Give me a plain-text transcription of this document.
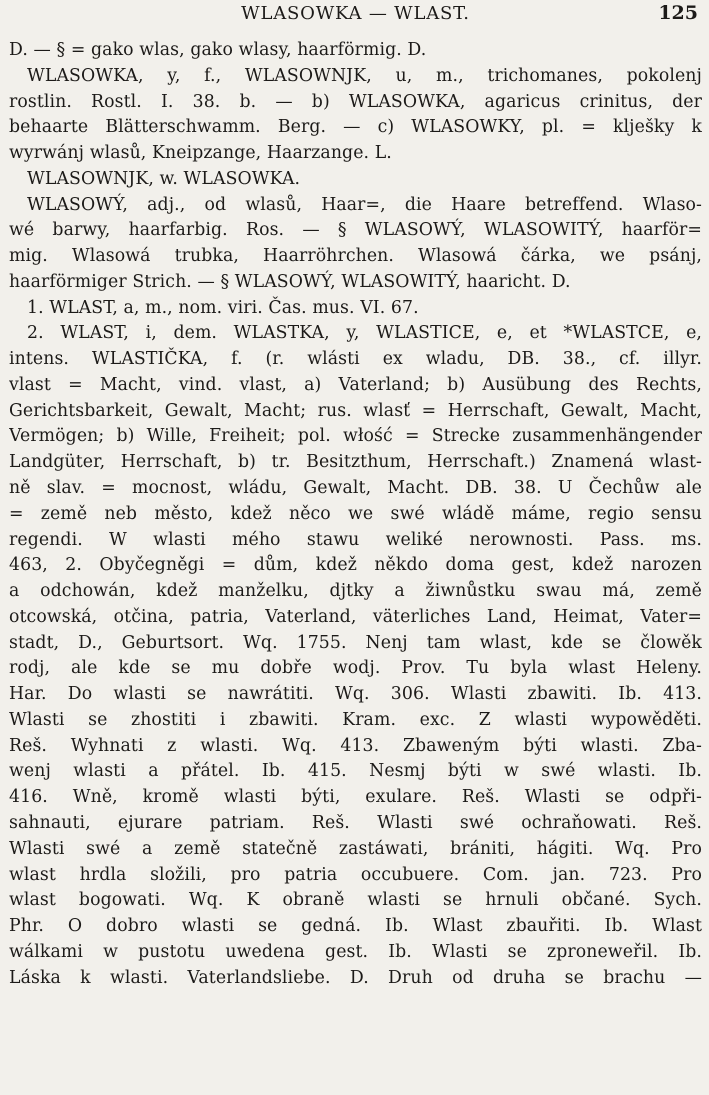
WLASOWKA — WLAST.	125
D. — § = gako wlas, gako wlasy, haarförmig. D.
WLASOWKA, y, f., WLASOWNJK, u, m., trichomanes, pokolenj
rostlin. Rostl. I. 38. b. — b) WLASOWKA, agaricus crinitus, der
behaarte Blätterschwamm. Berg. — c) WLASOWKY, pl. = klješky k
wyrwánj wlasů, Kneipzange, Haarzange. L.
WLASOWNJK, w. WLASOWKA.
WLASOWÝ, adj., od wlasů, Haar=, die Haare betreffend. Wlaso-
wé barwy, haarfarbig. Ros. — § WLASOWÝ, WLASOWITÝ, haarför=
mig. Wlasowá trubka, Haarröhrchen. Wlasowá čárka, we psánj,
haarförmiger Strich. — § WLASOWÝ, WLASOWITÝ, haaricht. D.
1. WLAST, a, m., nom. viri. Čas. mus. VI. 67.
2. WLAST, i, dem. WLASTKA, y, WLASTICE, e, et *WLASTCE, e,
intens. WLASTIČKA, f. (r. wlásti ex wladu, DB. 38., cf. illyr.
vlast = Macht, vind. vlast, a) Vaterland; b) Ausübung des Rechts,
Gerichtsbarkeit, Gewalt, Macht; rus. wlasť = Herrschaft, Gewalt, Macht,
Vermögen; b) Wille, Freiheit; pol. włość = Strecke zusammenhängender
Landgüter, Herrschaft, b) tr. Besitzthum, Herrschaft.) Znamená wlast-
ně slav. = mocnost, wládu, Gewalt, Macht. DB. 38. U Čechůw ale
= země neb město, kdež něco we swé wládě máme, regio sensu
regendi. W wlasti mého stawu weliké nerownosti. Pass. ms.
463, 2. Obyčegněgi = dům, kdež někdo doma gest, kdež narozen
a odchowán, kdež manželku, djtky a žiwnůstku swau má, země
otcowská, otčina, patria, Vaterland, väterliches Land, Heimat, Vater=
stadt, D., Geburtsort. Wq. 1755. Nenj tam wlast, kde se člowěk
rodj, ale kde se mu dobře wodj. Prov. Tu byla wlast Heleny.
Har. Do wlasti se nawrátiti. Wq. 306. Wlasti zbawiti. Ib. 413.
Wlasti se zhostiti i zbawiti. Kram. exc. Z wlasti wypowěděti.
Reš. Wyhnati z wlasti. Wq. 413. Zbaweným býti wlasti. Zba-
wenj wlasti a přátel. Ib. 415. Nesmj býti w swé wlasti. Ib.
416. Wně, kromě wlasti býti, exulare. Reš. Wlasti se odpři-
sahnauti, ejurare patriam. Reš. Wlasti swé ochraňowati. Reš.
Wlasti swé a země statečně zastáwati, brániti, hágiti. Wq. Pro
wlast hrdla složili, pro patria occubuere. Com. jan. 723. Pro
wlast bogowati. Wq. K obraně wlasti se hrnuli občané. Sych.
Phr. O dobro wlasti se gedná. Ib. Wlast zbauřiti. Ib. Wlast
wálkami w pustotu uwedena gest. Ib. Wlasti se zproneweřil. Ib.
Láska k wlasti. Vaterlandsliebe. D. Druh od druha se brachu —
